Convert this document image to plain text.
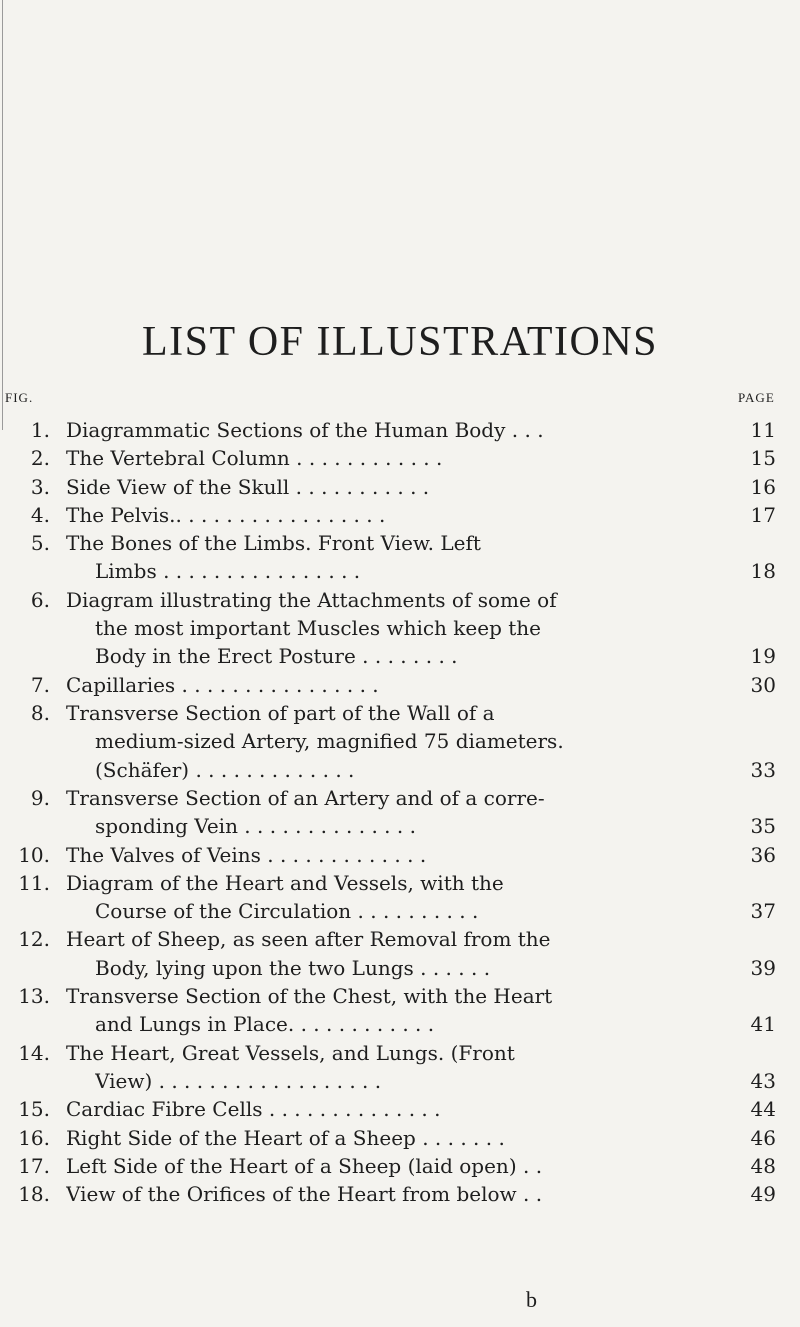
LIST OF ILLUSTRATIONS
FIG.	PAGE
1. Diagrammatic Sections of the Human Body . . .	11
2. The Vertebral Column . . . . . . . . . . . .	15
3. Side View of the Skull . . . . . . . . . . .	16
4. The Pelvis.. . . . . . . . . . . . . . . . .	17
5. The Bones of the Limbs. Front View. Left
Limbs . . . . . . . . . . . . . . . .	18
6. Diagram illustrating the Attachments of some of
the most important Muscles which keep the
Body in the Erect Posture . . . . . . . .	19
7. Capillaries . . . . . . . . . . . . . . . .	30
8. Transverse Section of part of the Wall of a
medium-sized Artery, magnified 75 diameters.
(Schäfer) . . . . . . . . . . . . .	33
9. Transverse Section of an Artery and of a corre-
sponding Vein . . . . . . . . . . . . . .	35
10. The Valves of Veins . . . . . . . . . . . . .	36
11. Diagram of the Heart and Vessels, with the
Course of the Circulation . . . . . . . . . .	37
12. Heart of Sheep, as seen after Removal from the
Body, lying upon the two Lungs . . . . . .	39
13. Transverse Section of the Chest, with the Heart
and Lungs in Place. . . . . . . . . . . .	41
14. The Heart, Great Vessels, and Lungs. (Front
View) . . . . . . . . . . . . . . . . . .	43
15. Cardiac Fibre Cells . . . . . . . . . . . . . .	44
16. Right Side of the Heart of a Sheep . . . . . . .	46
17. Left Side of the Heart of a Sheep (laid open) . .	48
18. View of the Orifices of the Heart from below . .	49
b
